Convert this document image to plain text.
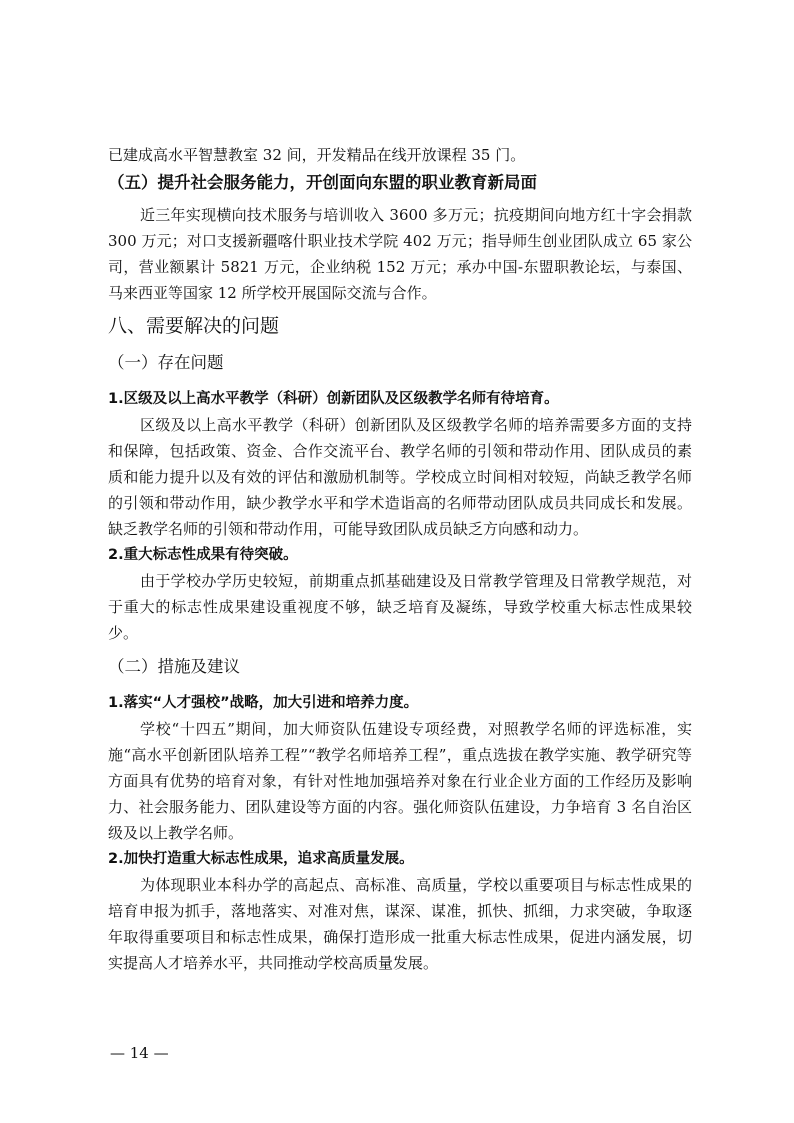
已建成高水平智慧教室 32 间，开发精品在线开放课程 35 门。

（五）提升社会服务能力，开创面向东盟的职业教育新局面

近三年实现横向技术服务与培训收入 3600 多万元；抗疫期间向地方红十字会捐款 300 万元；对口支援新疆喀什职业技术学院 402 万元；指导师生创业团队成立 65 家公司，营业额累计 5821 万元，企业纳税 152 万元；承办中国-东盟职教论坛，与泰国、马来西亚等国家 12 所学校开展国际交流与合作。

八、需要解决的问题
（一）存在问题
1.区级及以上高水平教学（科研）创新团队及区级教学名师有待培育。

区级及以上高水平教学（科研）创新团队及区级教学名师的培养需要多方面的支持和保障，包括政策、资金、合作交流平台、教学名师的引领和带动作用、团队成员的素质和能力提升以及有效的评估和激励机制等。学校成立时间相对较短，尚缺乏教学名师的引领和带动作用，缺少教学水平和学术造诣高的名师带动团队成员共同成长和发展。缺乏教学名师的引领和带动作用，可能导致团队成员缺乏方向感和动力。

2.重大标志性成果有待突破。

由于学校办学历史较短，前期重点抓基础建设及日常教学管理及日常教学规范，对于重大的标志性成果建设重视度不够，缺乏培育及凝练，导致学校重大标志性成果较少。

（二）措施及建议
1.落实“人才强校”战略，加大引进和培养力度。

学校“十四五”期间，加大师资队伍建设专项经费，对照教学名师的评选标准，实施“高水平创新团队培养工程”“教学名师培养工程”，重点选拔在教学实施、教学研究等方面具有优势的培育对象，有针对性地加强培养对象在行业企业方面的工作经历及影响力、社会服务能力、团队建设等方面的内容。强化师资队伍建设，力争培育 3 名自治区级及以上教学名师。

2.加快打造重大标志性成果，追求高质量发展。

为体现职业本科办学的高起点、高标准、高质量，学校以重要项目与标志性成果的培育申报为抓手，落地落实、对准对焦，谋深、谋准，抓快、抓细，力求突破，争取逐年取得重要项目和标志性成果，确保打造形成一批重大标志性成果，促进内涵发展，切实提高人才培养水平，共同推动学校高质量发展。

— 14 —
